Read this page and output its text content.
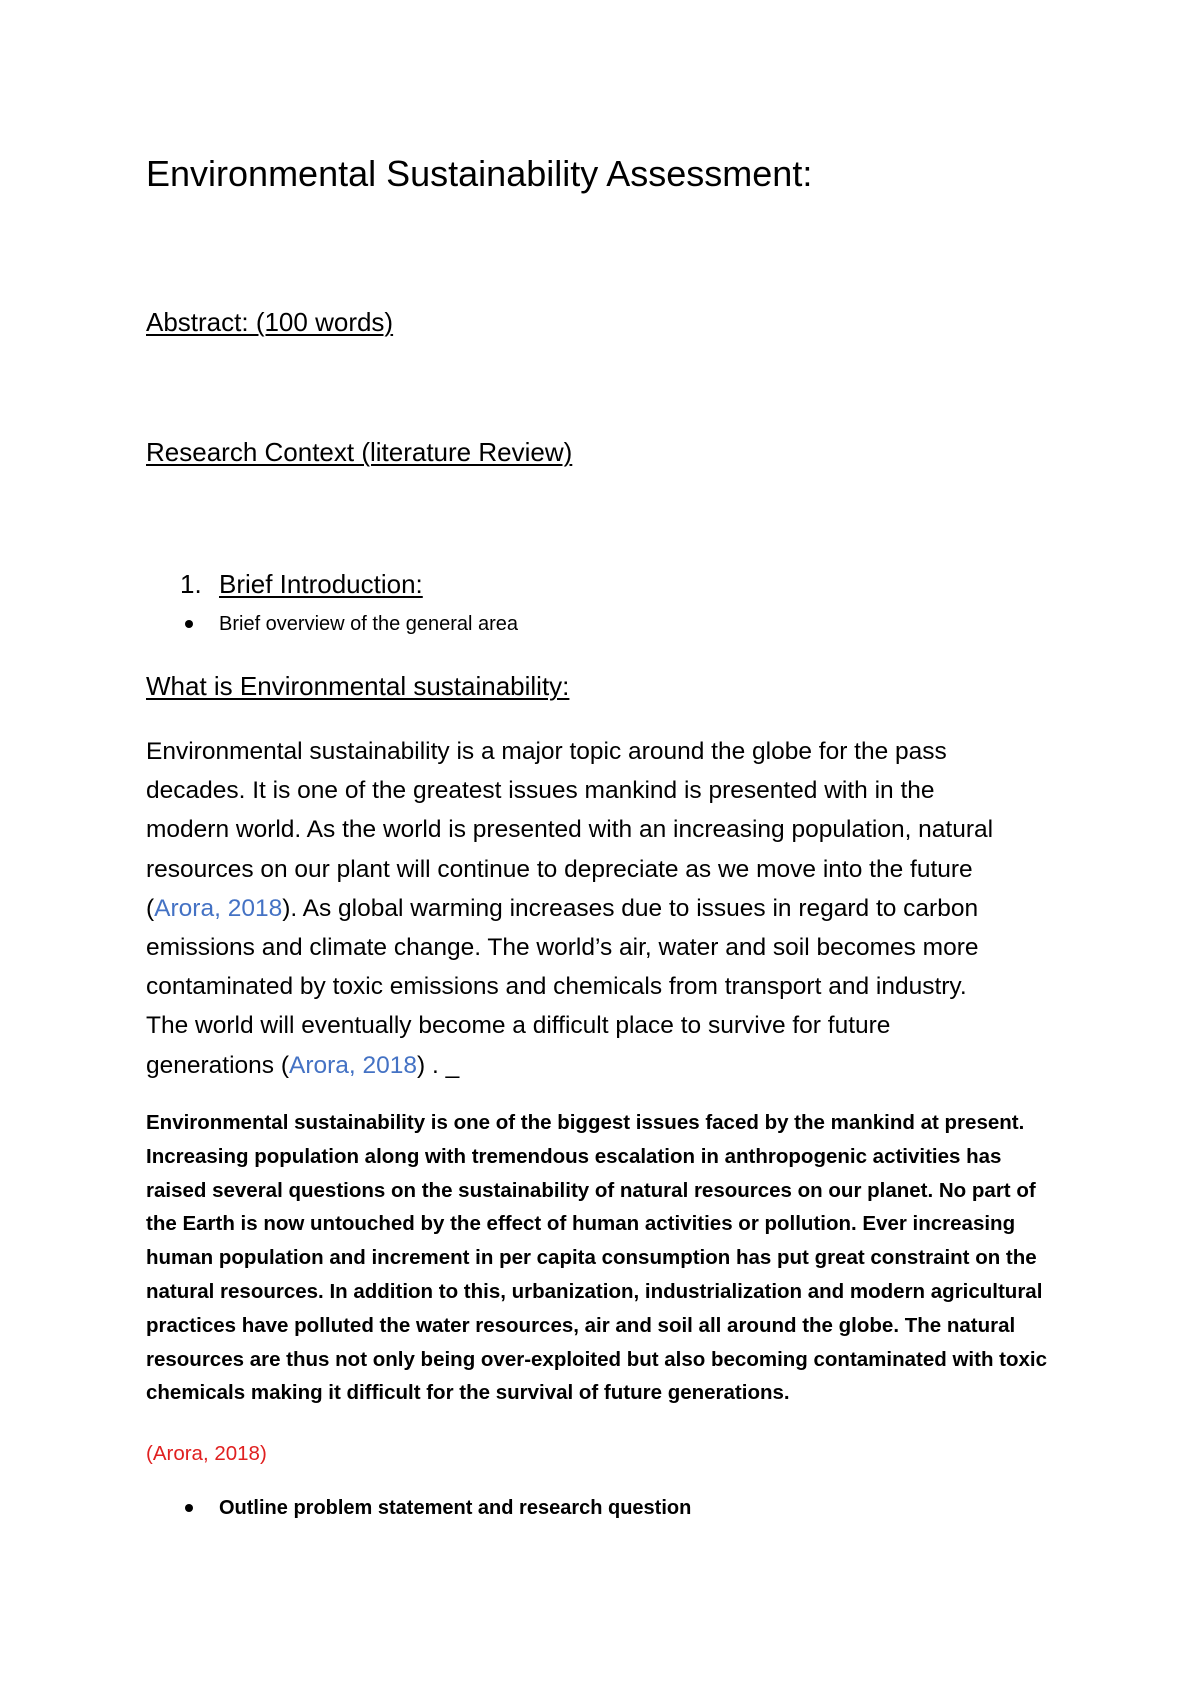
Environmental Sustainability Assessment:
Abstract: (100 words)
Research Context (literature Review)
1. Brief Introduction:
Brief overview of the general area
What is Environmental sustainability:
Environmental sustainability is a major topic around the globe for the pass
decades. It is one of the greatest issues mankind is presented with in the
modern world. As the world is presented with an increasing population, natural
resources on our plant will continue to depreciate as we move into the future
(Arora, 2018). As global warming increases due to issues in regard to carbon
emissions and climate change. The world’s air, water and soil becomes more
contaminated by toxic emissions and chemicals from transport and industry.
The world will eventually become a difficult place to survive for future
generations (Arora, 2018) . _
Environmental sustainability is one of the biggest issues faced by the mankind at present.
Increasing population along with tremendous escalation in anthropogenic activities has
raised several questions on the sustainability of natural resources on our planet. No part of
the Earth is now untouched by the effect of human activities or pollution. Ever increasing
human population and increment in per capita consumption has put great constraint on the
natural resources. In addition to this, urbanization, industrialization and modern agricultural
practices have polluted the water resources, air and soil all around the globe. The natural
resources are thus not only being over-exploited but also becoming contaminated with toxic
chemicals making it difficult for the survival of future generations.
(Arora, 2018)
Outline problem statement and research question
